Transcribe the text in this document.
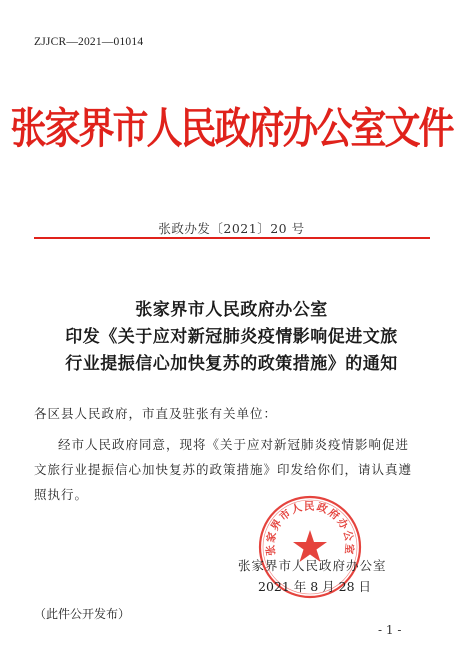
ZJJCR—2021—01014
张家界市人民政府办公室文件
张政办发〔2021〕20 号
张家界市人民政府办公室
印发《关于应对新冠肺炎疫情影响促进文旅
行业提振信心加快复苏的政策措施》的通知
各区县人民政府，市直及驻张有关单位：
经市人民政府同意，现将《关于应对新冠肺炎疫情影响促进
文旅行业提振信心加快复苏的政策措施》印发给你们，请认真遵
照执行。
张家界市人民政府办公室
张家界市人民政府办公室
2021 年 8 月 28 日
（此件公开发布）
- 1 -
